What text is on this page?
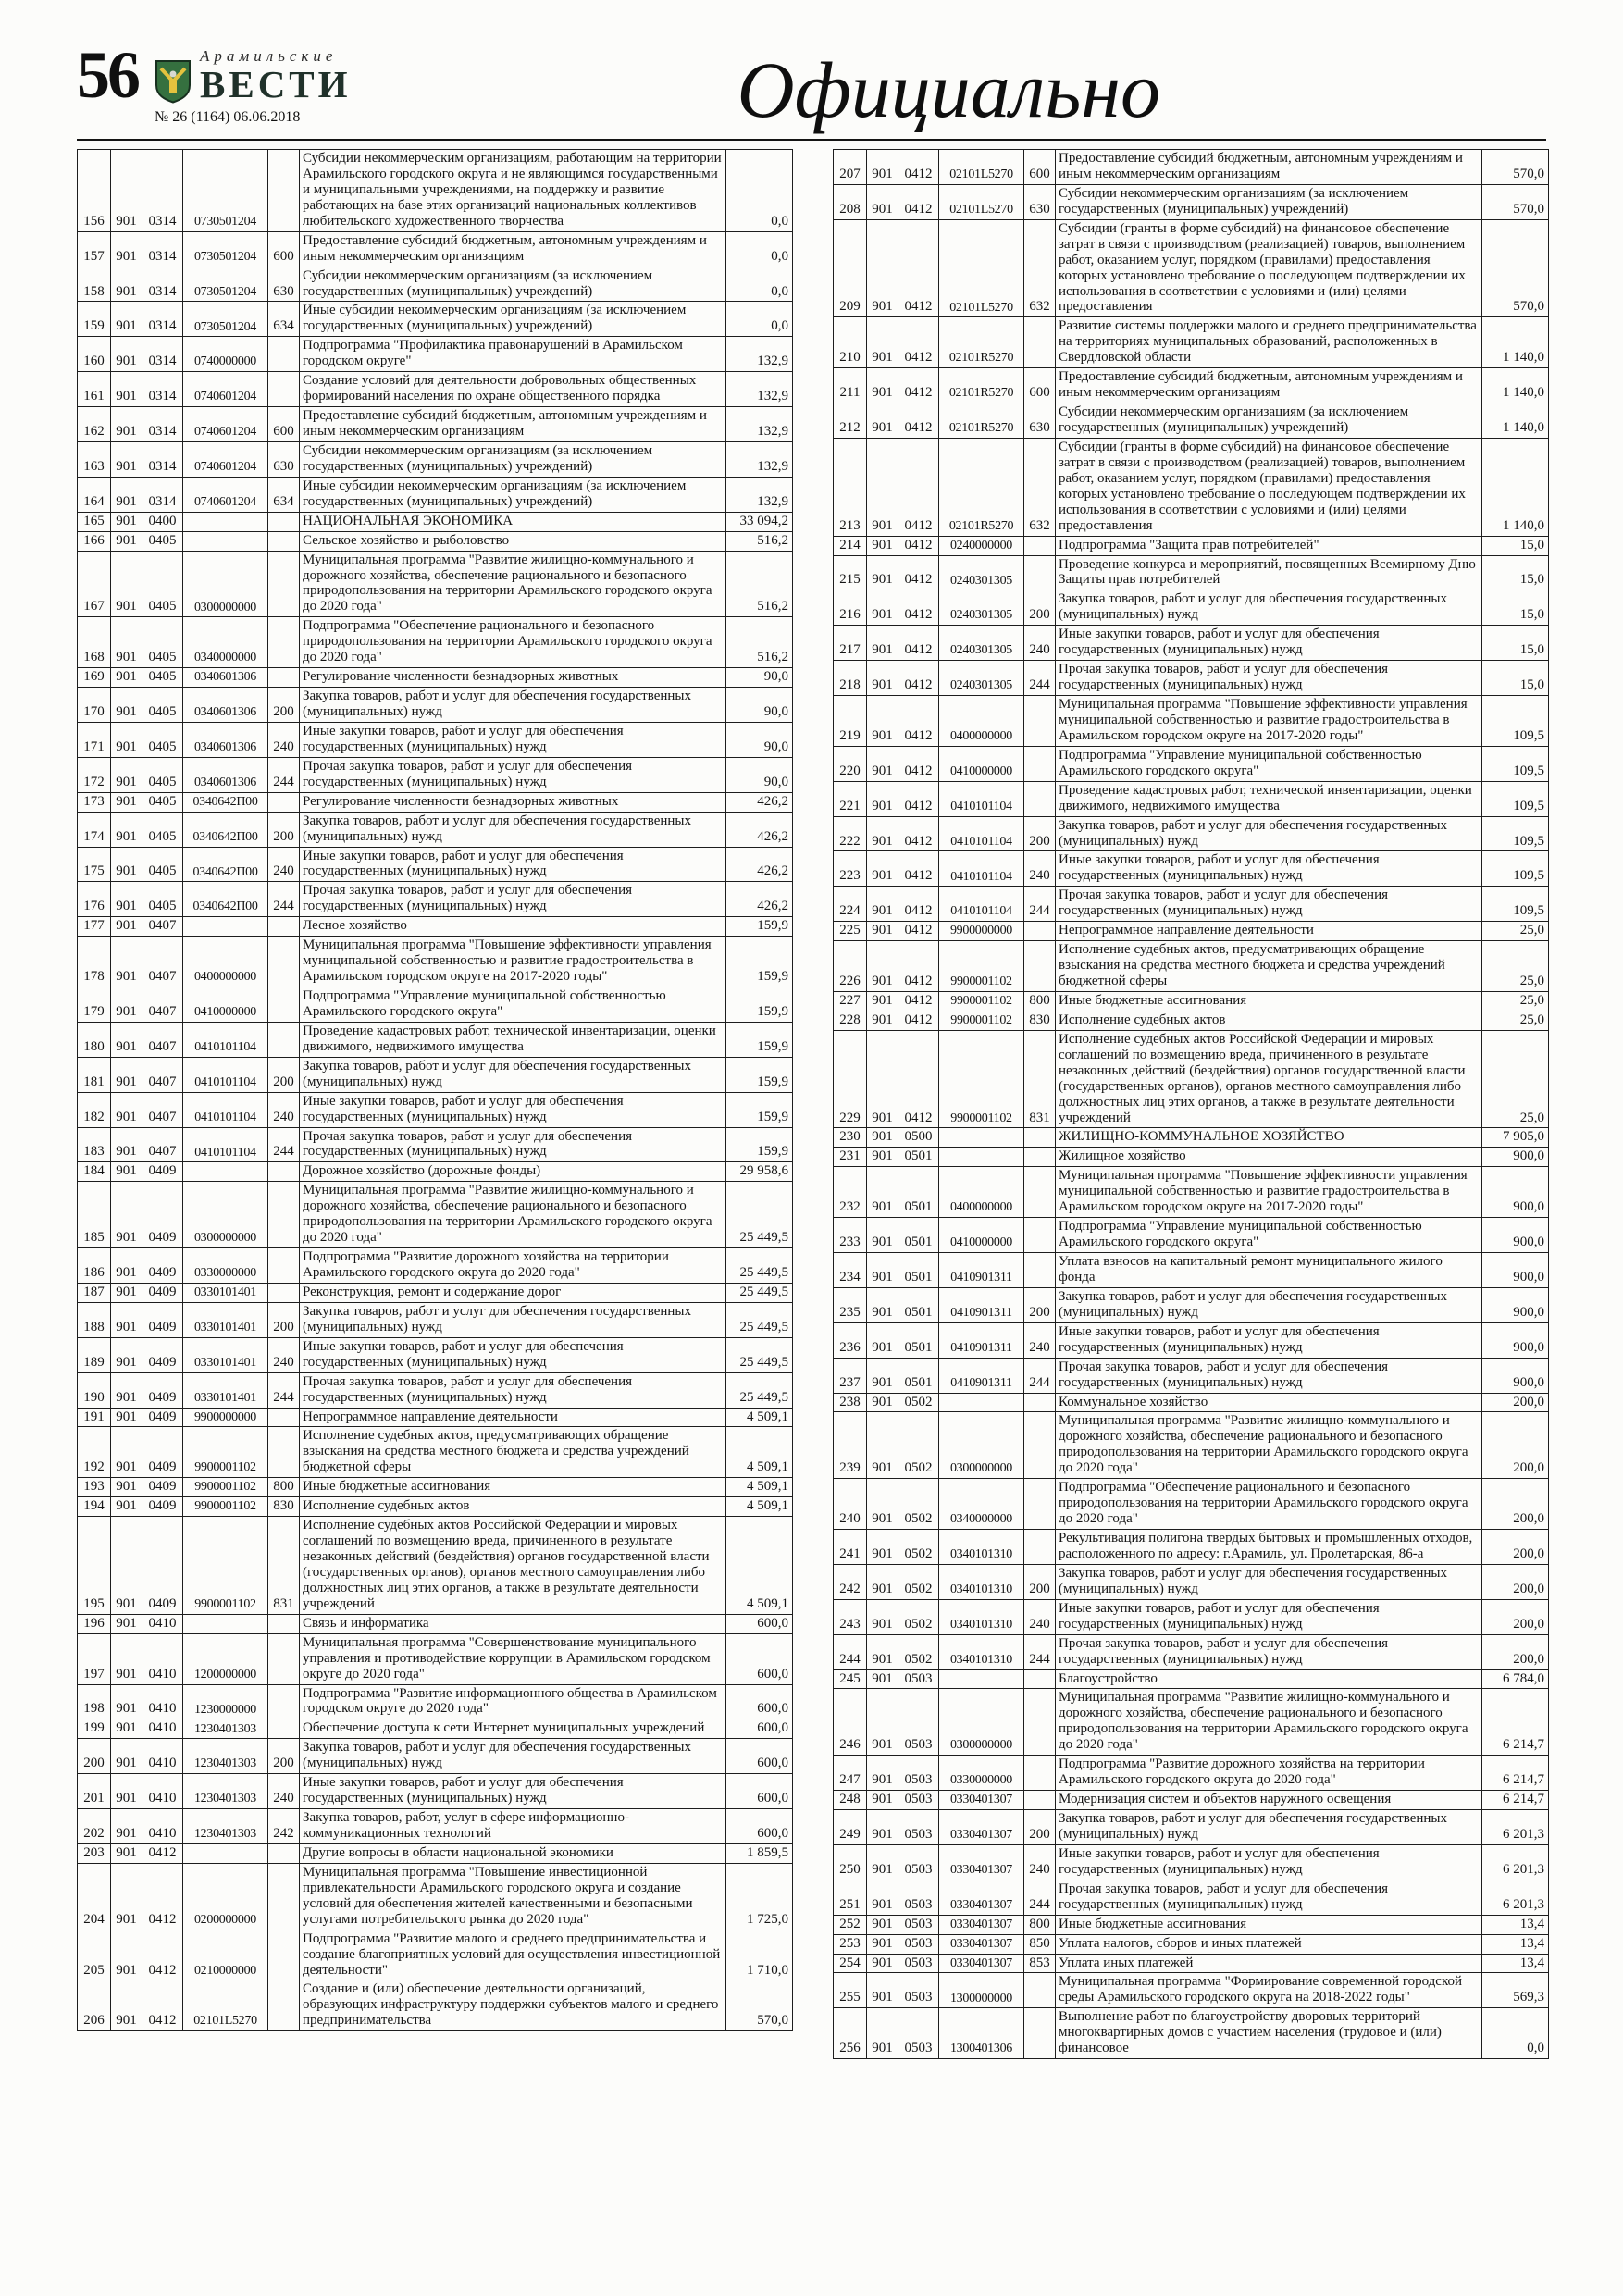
56	Арамильские
ВЕСТИ
№ 26 (1164) 06.06.2018	Официально
156	901	0314	0730501204		Субсидии некоммерческим организациям, работающим на территории Арамильского городского округа и не являющимся государственными и муниципальными учреждениями, на поддержку и развитие работающих на базе этих организаций национальных коллективов любительского художественного творчества	0,0
157	901	0314	0730501204	600	Предоставление субсидий бюджетным, автономным учреждениям и иным некоммерческим организациям	0,0
158	901	0314	0730501204	630	Субсидии некоммерческим организациям (за исключением государственных (муниципальных) учреждений)	0,0
159	901	0314	0730501204	634	Иные субсидии некоммерческим организациям (за исключением государственных (муниципальных) учреждений)	0,0
160	901	0314	0740000000		Подпрограмма "Профилактика правонарушений в Арамильском городском округе"	132,9
161	901	0314	0740601204		Создание условий для деятельности добровольных общественных формирований населения по охране общественного порядка	132,9
162	901	0314	0740601204	600	Предоставление субсидий бюджетным, автономным учреждениям и иным некоммерческим организациям	132,9
163	901	0314	0740601204	630	Субсидии некоммерческим организациям (за исключением государственных (муниципальных) учреждений)	132,9
164	901	0314	0740601204	634	Иные субсидии некоммерческим организациям (за исключением государственных (муниципальных) учреждений)	132,9
165	901	0400			НАЦИОНАЛЬНАЯ ЭКОНОМИКА	33 094,2
166	901	0405			Сельское хозяйство и рыболовство	516,2
167	901	0405	0300000000		Муниципальная программа "Развитие жилищно-коммунального и дорожного хозяйства, обеспечение рационального и безопасного природопользования на территории Арамильского городского округа до 2020 года"	516,2
168	901	0405	0340000000		Подпрограмма "Обеспечение рационального и безопасного природопользования на территории Арамильского городского округа до 2020 года"	516,2
169	901	0405	0340601306		Регулирование численности безнадзорных животных	90,0
170	901	0405	0340601306	200	Закупка товаров, работ и услуг для обеспечения государственных (муниципальных) нужд	90,0
171	901	0405	0340601306	240	Иные закупки товаров, работ и услуг для обеспечения государственных (муниципальных) нужд	90,0
172	901	0405	0340601306	244	Прочая закупка товаров, работ и услуг для обеспечения государственных (муниципальных) нужд	90,0
173	901	0405	0340642П00		Регулирование численности безнадзорных животных	426,2
174	901	0405	0340642П00	200	Закупка товаров, работ и услуг для обеспечения государственных (муниципальных) нужд	426,2
175	901	0405	0340642П00	240	Иные закупки товаров, работ и услуг для обеспечения государственных (муниципальных) нужд	426,2
176	901	0405	0340642П00	244	Прочая закупка товаров, работ и услуг для обеспечения государственных (муниципальных) нужд	426,2
177	901	0407			Лесное хозяйство	159,9
178	901	0407	0400000000		Муниципальная программа "Повышение эффективности управления муниципальной собственностью и развитие градостроительства в Арамильском городском округе на 2017-2020 годы"	159,9
179	901	0407	0410000000		Подпрограмма "Управление муниципальной собственностью Арамильского городского округа"	159,9
180	901	0407	0410101104		Проведение кадастровых работ, технической инвентаризации, оценки движимого, недвижимого имущества	159,9
181	901	0407	0410101104	200	Закупка товаров, работ и услуг для обеспечения государственных (муниципальных) нужд	159,9
182	901	0407	0410101104	240	Иные закупки товаров, работ и услуг для обеспечения государственных (муниципальных) нужд	159,9
183	901	0407	0410101104	244	Прочая закупка товаров, работ и услуг для обеспечения государственных (муниципальных) нужд	159,9
184	901	0409			Дорожное хозяйство (дорожные фонды)	29 958,6
185	901	0409	0300000000		Муниципальная программа "Развитие жилищно-коммунального и дорожного хозяйства, обеспечение рационального и безопасного природопользования на территории Арамильского городского округа до 2020 года"	25 449,5
186	901	0409	0330000000		Подпрограмма "Развитие дорожного хозяйства на территории Арамильского городского округа до 2020 года"	25 449,5
187	901	0409	0330101401		Реконструкция, ремонт и содержание дорог	25 449,5
188	901	0409	0330101401	200	Закупка товаров, работ и услуг для обеспечения государственных (муниципальных) нужд	25 449,5
189	901	0409	0330101401	240	Иные закупки товаров, работ и услуг для обеспечения государственных (муниципальных) нужд	25 449,5
190	901	0409	0330101401	244	Прочая закупка товаров, работ и услуг для обеспечения государственных (муниципальных) нужд	25 449,5
191	901	0409	9900000000		Непрограммное направление деятельности	4 509,1
192	901	0409	9900001102		Исполнение судебных актов, предусматривающих обращение взыскания на средства местного бюджета и средства учреждений бюджетной сферы	4 509,1
193	901	0409	9900001102	800	Иные бюджетные ассигнования	4 509,1
194	901	0409	9900001102	830	Исполнение судебных актов	4 509,1
195	901	0409	9900001102	831	Исполнение судебных актов Российской Федерации и мировых соглашений по возмещению вреда, причиненного в результате незаконных действий (бездействия) органов государственной власти (государственных органов), органов местного самоуправления либо должностных лиц этих органов, а также в результате деятельности учреждений	4 509,1
196	901	0410			Связь и информатика	600,0
197	901	0410	1200000000		Муниципальная программа "Совершенствование муниципального управления и противодействие коррупции в Арамильском городском округе до 2020 года"	600,0
198	901	0410	1230000000		Подпрограмма "Развитие информационного общества в Арамильском городском округе до 2020 года"	600,0
199	901	0410	1230401303		Обеспечение доступа к сети Интернет муниципальных учреждений	600,0
200	901	0410	1230401303	200	Закупка товаров, работ и услуг для обеспечения государственных (муниципальных) нужд	600,0
201	901	0410	1230401303	240	Иные закупки товаров, работ и услуг для обеспечения государственных (муниципальных) нужд	600,0
202	901	0410	1230401303	242	Закупка товаров, работ, услуг в сфере информационно-коммуникационных технологий	600,0
203	901	0412			Другие вопросы в области национальной экономики	1 859,5
204	901	0412	0200000000		Муниципальная программа "Повышение инвестиционной привлекательности Арамильского городского округа и создание условий для обеспечения жителей качественными и безопасными услугами потребительского рынка до 2020 года"	1 725,0
205	901	0412	0210000000		Подпрограмма "Развитие малого и среднего предпринимательства и создание благоприятных условий для осуществления инвестиционной деятельности"	1 710,0
206	901	0412	02101L5270		Создание и (или) обеспечение деятельности организаций, образующих инфраструктуру поддержки субъектов малого и среднего предпринимательства	570,0
207	901	0412	02101L5270	600	Предоставление субсидий бюджетным, автономным учреждениям и иным некоммерческим организациям	570,0
208	901	0412	02101L5270	630	Субсидии некоммерческим организациям (за исключением государственных (муниципальных) учреждений)	570,0
209	901	0412	02101L5270	632	Субсидии (гранты в форме субсидий) на финансовое обеспечение затрат в связи с производством (реализацией) товаров, выполнением работ, оказанием услуг, порядком (правилами) предоставления которых установлено требование о последующем подтверждении их использования в соответствии с условиями и (или) целями предоставления	570,0
210	901	0412	02101R5270		Развитие системы поддержки малого и среднего предпринимательства на территориях муниципальных образований, расположенных в Свердловской области	1 140,0
211	901	0412	02101R5270	600	Предоставление субсидий бюджетным, автономным учреждениям и иным некоммерческим организациям	1 140,0
212	901	0412	02101R5270	630	Субсидии некоммерческим организациям (за исключением государственных (муниципальных) учреждений)	1 140,0
213	901	0412	02101R5270	632	Субсидии (гранты в форме субсидий) на финансовое обеспечение затрат в связи с производством (реализацией) товаров, выполнением работ, оказанием услуг, порядком (правилами) предоставления которых установлено требование о последующем подтверждении их использования в соответствии с условиями и (или) целями предоставления	1 140,0
214	901	0412	0240000000		Подпрограмма "Защита прав потребителей"	15,0
215	901	0412	0240301305		Проведение конкурса и мероприятий, посвященных Всемирному Дню Защиты прав потребителей	15,0
216	901	0412	0240301305	200	Закупка товаров, работ и услуг для обеспечения государственных (муниципальных) нужд	15,0
217	901	0412	0240301305	240	Иные закупки товаров, работ и услуг для обеспечения государственных (муниципальных) нужд	15,0
218	901	0412	0240301305	244	Прочая закупка товаров, работ и услуг для обеспечения государственных (муниципальных) нужд	15,0
219	901	0412	0400000000		Муниципальная программа "Повышение эффективности управления муниципальной собственностью и развитие градостроительства в Арамильском городском округе на 2017-2020 годы"	109,5
220	901	0412	0410000000		Подпрограмма "Управление муниципальной собственностью Арамильского городского округа"	109,5
221	901	0412	0410101104		Проведение кадастровых работ, технической инвентаризации, оценки движимого, недвижимого имущества	109,5
222	901	0412	0410101104	200	Закупка товаров, работ и услуг для обеспечения государственных (муниципальных) нужд	109,5
223	901	0412	0410101104	240	Иные закупки товаров, работ и услуг для обеспечения государственных (муниципальных) нужд	109,5
224	901	0412	0410101104	244	Прочая закупка товаров, работ и услуг для обеспечения государственных (муниципальных) нужд	109,5
225	901	0412	9900000000		Непрограммное направление деятельности	25,0
226	901	0412	9900001102		Исполнение судебных актов, предусматривающих обращение взыскания на средства местного бюджета и средства учреждений бюджетной сферы	25,0
227	901	0412	9900001102	800	Иные бюджетные ассигнования	25,0
228	901	0412	9900001102	830	Исполнение судебных актов	25,0
229	901	0412	9900001102	831	Исполнение судебных актов Российской Федерации и мировых соглашений по возмещению вреда, причиненного в результате незаконных действий (бездействия) органов государственной власти (государственных органов), органов местного самоуправления либо должностных лиц этих органов, а также в результате деятельности учреждений	25,0
230	901	0500			ЖИЛИЩНО-КОММУНАЛЬНОЕ ХОЗЯЙСТВО	7 905,0
231	901	0501			Жилищное хозяйство	900,0
232	901	0501	0400000000		Муниципальная программа "Повышение эффективности управления муниципальной собственностью и развитие градостроительства в Арамильском городском округе на 2017-2020 годы"	900,0
233	901	0501	0410000000		Подпрограмма "Управление муниципальной собственностью Арамильского городского округа"	900,0
234	901	0501	0410901311		Уплата взносов на капитальный ремонт муниципального жилого фонда	900,0
235	901	0501	0410901311	200	Закупка товаров, работ и услуг для обеспечения государственных (муниципальных) нужд	900,0
236	901	0501	0410901311	240	Иные закупки товаров, работ и услуг для обеспечения государственных (муниципальных) нужд	900,0
237	901	0501	0410901311	244	Прочая закупка товаров, работ и услуг для обеспечения государственных (муниципальных) нужд	900,0
238	901	0502			Коммунальное хозяйство	200,0
239	901	0502	0300000000		Муниципальная программа "Развитие жилищно-коммунального и дорожного хозяйства, обеспечение рационального и безопасного природопользования на территории Арамильского городского округа до 2020 года"	200,0
240	901	0502	0340000000		Подпрограмма "Обеспечение рационального и безопасного природопользования на территории Арамильского городского округа до 2020 года"	200,0
241	901	0502	0340101310		Рекультивация полигона твердых бытовых и промышленных отходов, расположенного по адресу: г.Арамиль, ул. Пролетарская, 86-а	200,0
242	901	0502	0340101310	200	Закупка товаров, работ и услуг для обеспечения государственных (муниципальных) нужд	200,0
243	901	0502	0340101310	240	Иные закупки товаров, работ и услуг для обеспечения государственных (муниципальных) нужд	200,0
244	901	0502	0340101310	244	Прочая закупка товаров, работ и услуг для обеспечения государственных (муниципальных) нужд	200,0
245	901	0503			Благоустройство	6 784,0
246	901	0503	0300000000		Муниципальная программа "Развитие жилищно-коммунального и дорожного хозяйства, обеспечение рационального и безопасного природопользования на территории Арамильского городского округа до 2020 года"	6 214,7
247	901	0503	0330000000		Подпрограмма "Развитие дорожного хозяйства на территории Арамильского городского округа до 2020 года"	6 214,7
248	901	0503	0330401307		Модернизация систем и объектов наружного освещения	6 214,7
249	901	0503	0330401307	200	Закупка товаров, работ и услуг для обеспечения государственных (муниципальных) нужд	6 201,3
250	901	0503	0330401307	240	Иные закупки товаров, работ и услуг для обеспечения государственных (муниципальных) нужд	6 201,3
251	901	0503	0330401307	244	Прочая закупка товаров, работ и услуг для обеспечения государственных (муниципальных) нужд	6 201,3
252	901	0503	0330401307	800	Иные бюджетные ассигнования	13,4
253	901	0503	0330401307	850	Уплата налогов, сборов и иных платежей	13,4
254	901	0503	0330401307	853	Уплата иных платежей	13,4
255	901	0503	1300000000		Муниципальная программа "Формирование современной городской среды Арамильского городского округа на 2018-2022 годы"	569,3
256	901	0503	1300401306		Выполнение работ по благоустройству дворовых территорий многоквартирных домов с участием населения (трудовое и (или) финансовое	0,0
